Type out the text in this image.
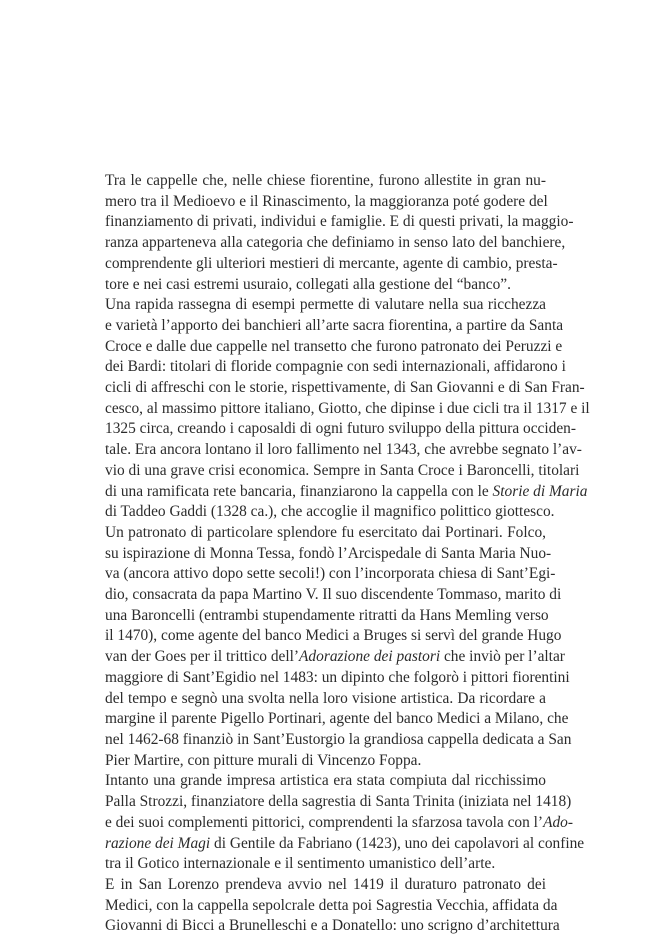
Tra le cappelle che, nelle chiese fiorentine, furono allestite in gran nu-
mero tra il Medioevo e il Rinascimento, la maggioranza poté godere del
finanziamento di privati, individui e famiglie. E di questi privati, la maggio-
ranza apparteneva alla categoria che definiamo in senso lato del banchiere,
comprendente gli ulteriori mestieri di mercante, agente di cambio, presta-
tore e nei casi estremi usuraio, collegati alla gestione del “banco”.

Una rapida rassegna di esempi permette di valutare nella sua ricchezza
e varietà l’apporto dei banchieri all’arte sacra fiorentina, a partire da Santa
Croce e dalle due cappelle nel transetto che furono patronato dei Peruzzi e
dei Bardi: titolari di floride compagnie con sedi internazionali, affidarono i
cicli di affreschi con le storie, rispettivamente, di San Giovanni e di San Fran-
cesco, al massimo pittore italiano, Giotto, che dipinse i due cicli tra il 1317 e il
1325 circa, creando i caposaldi di ogni futuro sviluppo della pittura occiden-
tale. Era ancora lontano il loro fallimento nel 1343, che avrebbe segnato l’av-
vio di una grave crisi economica. Sempre in Santa Croce i Baroncelli, titolari
di una ramificata rete bancaria, finanziarono la cappella con le Storie di Maria
di Taddeo Gaddi (1328 ca.), che accoglie il magnifico polittico giottesco.

Un patronato di particolare splendore fu esercitato dai Portinari. Folco,
su ispirazione di Monna Tessa, fondò l’Arcispedale di Santa Maria Nuo-
va (ancora attivo dopo sette secoli!) con l’incorporata chiesa di Sant’Egi-
dio, consacrata da papa Martino V. Il suo discendente Tommaso, marito di
una Baroncelli (entrambi stupendamente ritratti da Hans Memling verso
il 1470), come agente del banco Medici a Bruges si servì del grande Hugo
van der Goes per il trittico dell’Adorazione dei pastori che inviò per l’altar
maggiore di Sant’Egidio nel 1483: un dipinto che folgorò i pittori fiorentini
del tempo e segnò una svolta nella loro visione artistica. Da ricordare a
margine il parente Pigello Portinari, agente del banco Medici a Milano, che
nel 1462-68 finanziò in Sant’Eustorgio la grandiosa cappella dedicata a San
Pier Martire, con pitture murali di Vincenzo Foppa.

Intanto una grande impresa artistica era stata compiuta dal ricchissimo
Palla Strozzi, finanziatore della sagrestia di Santa Trinita (iniziata nel 1418)
e dei suoi complementi pittorici, comprendenti la sfarzosa tavola con l’Ado-
razione dei Magi di Gentile da Fabriano (1423), uno dei capolavori al confine
tra il Gotico internazionale e il sentimento umanistico dell’arte.

E in San Lorenzo prendeva avvio nel 1419 il duraturo patronato dei
Medici, con la cappella sepolcrale detta poi Sagrestia Vecchia, affidata da
Giovanni di Bicci a Brunelleschi e a Donatello: uno scrigno d’architettura
